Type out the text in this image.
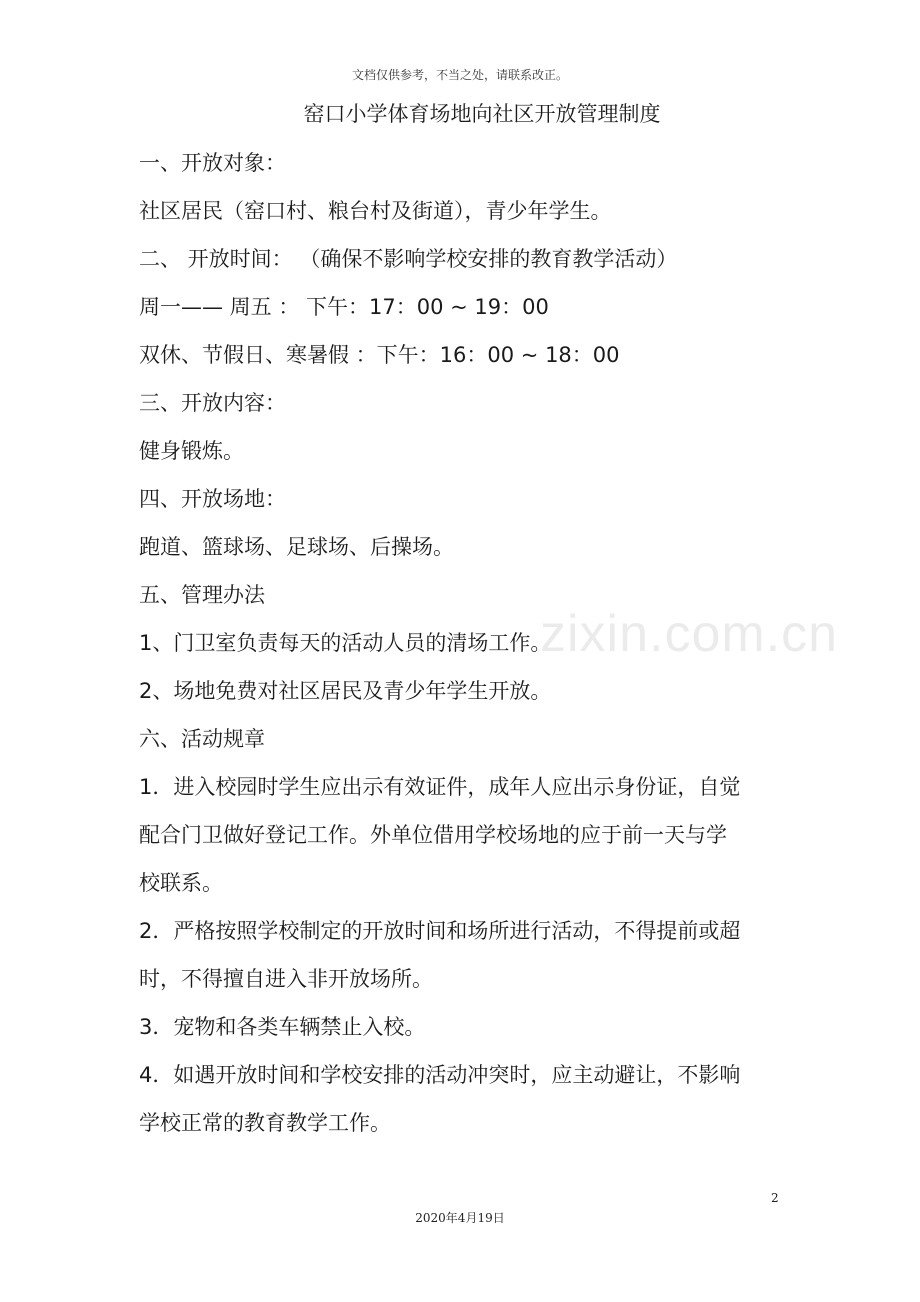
文档仅供参考，不当之处，请联系改正。
窑口小学体育场地向社区开放管理制度
一、开放对象：
社区居民（窑口村、粮台村及街道），青少年学生。
二、 开放时间： （确保不影响学校安排的教育教学活动）
周一—— 周五 ： 下午：17：00 ~ 19：00
双休、节假日、寒暑假 ：下午：16：00 ~ 18：00
三、开放内容：
健身锻炼。
四、开放场地：
跑道、篮球场、足球场、后操场。
五、管理办法
1、门卫室负责每天的活动人员的清场工作。
2、场地免费对社区居民及青少年学生开放。
六、活动规章
1．进入校园时学生应出示有效证件，成年人应出示身份证，自觉
配合门卫做好登记工作。外单位借用学校场地的应于前一天与学
校联系。
2．严格按照学校制定的开放时间和场所进行活动，不得提前或超
时，不得擅自进入非开放场所。
3．宠物和各类车辆禁止入校。
4．如遇开放时间和学校安排的活动冲突时，应主动避让，不影响
学校正常的教育教学工作。
zixin.com.cn
2
2020年4月19日
